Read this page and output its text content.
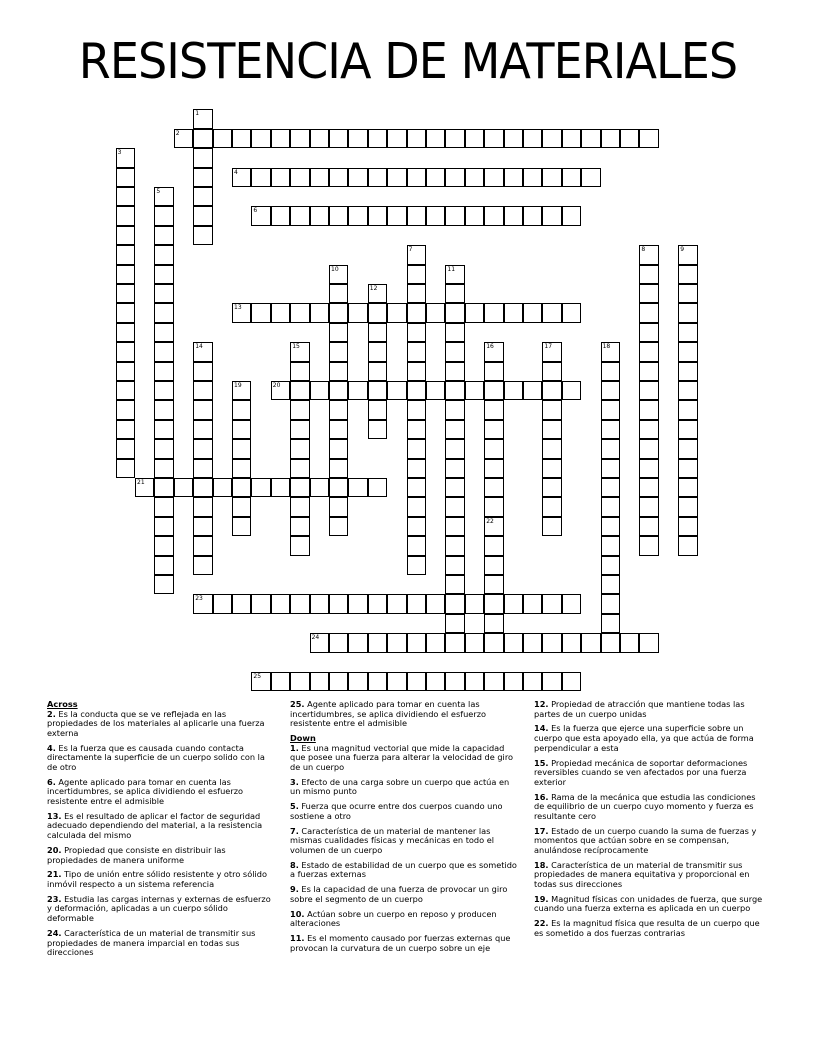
RESISTENCIA DE MATERIALES
1
2
3
4
5
6
7	8	9
10	11
12
13
14	15	16
22
17	18
19	20
21
23
24
25
Across
2. Es la conducta que se ve reflejada en las propiedades de los materiales al aplicarle una fuerza externa
4. Es la fuerza que es causada cuando contacta directamente la superficie de un cuerpo solido con la de otro
6. Agente aplicado para tomar en cuenta las incertidumbres, se aplica dividiendo el esfuerzo resistente entre el admisible
13. Es el resultado de aplicar el factor de seguridad adecuado dependiendo del material, a la resistencia calculada del mismo
20. Propiedad que consiste en distribuir las propiedades de manera uniforme
21. Tipo de unión entre sólido resistente y otro sólido inmóvil respecto a un sistema referencia
23. Estudia las cargas internas y externas de esfuerzo y deformación, aplicadas a un cuerpo sólido deformable
24. Característica de un material de transmitir sus propiedades de manera imparcial en todas sus direcciones
25. Agente aplicado para tomar en cuenta las incertidumbres, se aplica dividiendo el esfuerzo resistente entre el admisible
Down
1. Es una magnitud vectorial que mide la capacidad que posee una fuerza para alterar la velocidad de giro de un cuerpo
3. Efecto de una carga sobre un cuerpo que actúa en un mismo punto
5. Fuerza que ocurre entre dos cuerpos cuando uno sostiene a otro
7. Característica de un material de mantener las mismas cualidades físicas y mecánicas en todo el volumen de un cuerpo
8. Estado de estabilidad de un cuerpo que es sometido a fuerzas externas
9. Es la capacidad de una fuerza de provocar un giro sobre el segmento de un cuerpo
10. Actúan sobre un cuerpo en reposo y producen alteraciones
11. Es el momento causado por fuerzas externas que provocan la curvatura de un cuerpo sobre un eje
12. Propiedad de atracción que mantiene todas las partes de un cuerpo unidas
14. Es la fuerza que ejerce una superficie sobre un cuerpo que esta apoyado ella, ya que actúa de forma perpendicular a esta
15. Propiedad mecánica de soportar deformaciones reversibles cuando se ven afectados por una fuerza exterior
16. Rama de la mecánica que estudia las condiciones de equilibrio de un cuerpo cuyo momento y fuerza es resultante cero
17. Estado de un cuerpo cuando la suma de fuerzas y momentos que actúan sobre en se compensan, anulándose recíprocamente
18. Característica de un material de transmitir sus propiedades de manera equitativa y proporcional en todas sus direcciones
19. Magnitud físicas con unidades de fuerza, que surge cuando una fuerza externa es aplicada en un cuerpo
22. Es la magnitud física que resulta de un cuerpo que es sometido a dos fuerzas contrarias
